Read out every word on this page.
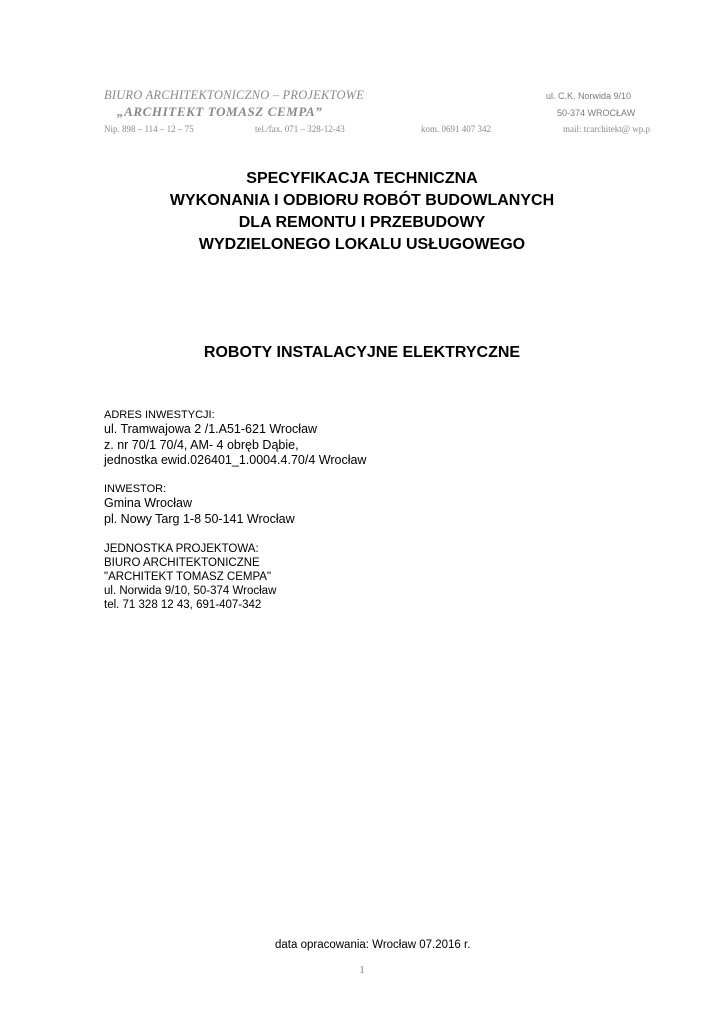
BIURO ARCHITEKTONICZNO – PROJEKTOWE
„ARCHITEKT TOMASZ CEMPA”
ul. C.K. Norwida 9/10
50-374 WROCŁAW
Nip. 898 – 114 – 12 – 75	tel./fax. 071 – 328-12-43	kom. 0691 407 342	mail: tcarchitekt@ wp.p
SPECYFIKACJA TECHNICZNA
WYKONANIA I ODBIORU ROBÓT BUDOWLANYCH
DLA REMONTU I PRZEBUDOWY
WYDZIELONEGO LOKALU USŁUGOWEGO
ROBOTY INSTALACYJNE ELEKTRYCZNE
ADRES INWESTYCJI:
ul. Tramwajowa 2 /1.A51-621 Wrocław
z. nr 70/1 70/4, AM- 4 obręb Dąbie,
jednostka ewid.026401_1.0004.4.70/4 Wrocław
INWESTOR:
Gmina Wrocław
pl. Nowy Targ 1-8 50-141 Wrocław
JEDNOSTKA PROJEKTOWA:
BIURO ARCHITEKTONICZNE
"ARCHITEKT TOMASZ CEMPA"
ul. Norwida 9/10, 50-374 Wrocław
tel. 71 328 12 43, 691-407-342
data opracowania: Wrocław 07.2016 r.
1
